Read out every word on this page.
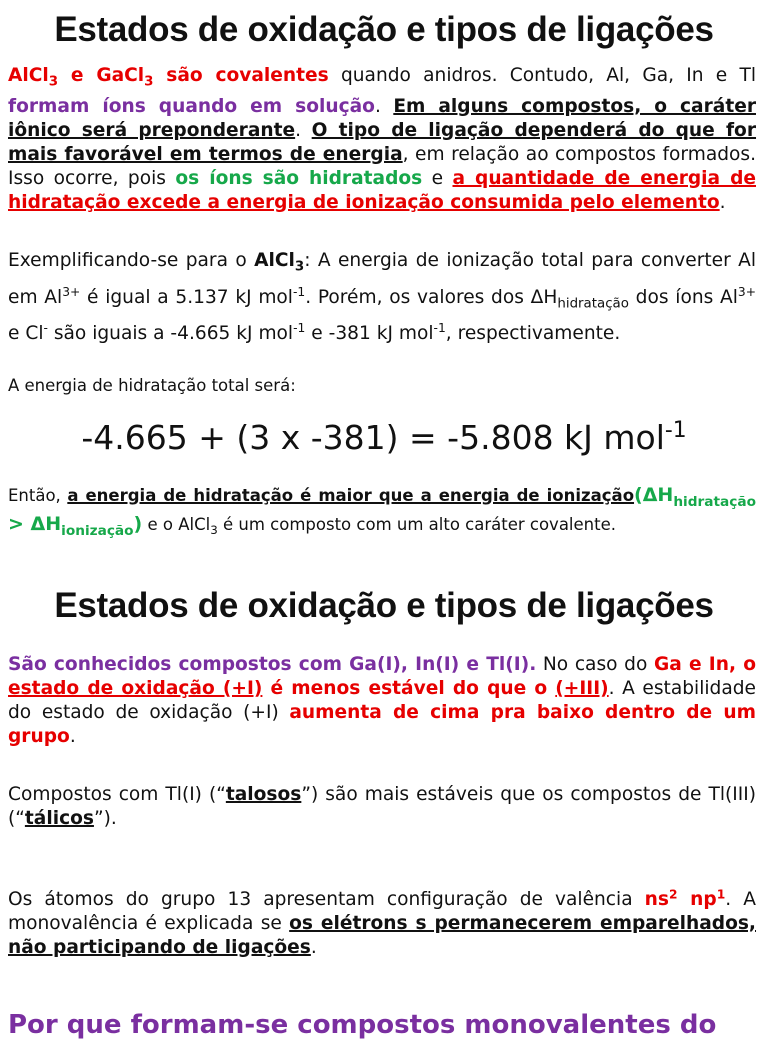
Estados de oxidação e tipos de ligações
AlCl$_3$ e GaCl$_3$ são covalentes quando anidros. Contudo, Al, Ga, In e Tl formam íons quando em solução. Em alguns compostos, o caráter iônico será preponderante. O tipo de ligação dependerá do que for mais favorável em termos de energia, em relação ao compostos formados. Isso ocorre, pois os íons são hidratados e a quantidade de energia de hidratação excede a energia de ionização consumida pelo elemento.
Exemplificando-se para o AlCl$_3$: A energia de ionização total para converter Al em $Al^{3+}$ é igual a 5.137 kJ mol$^{-1}$. Porém, os valores dos $\Delta H_{hidratação}$ dos íons $Al^{3+}$ e Cl- são iguais a -4.665 kJ mol$^{-1}$ e -381 kJ mol$^{-1}$, respectivamente.
A energia de hidratação total será:
-4.665 + (3 x -381) = -5.808 kJ mol$^{-1}$
Então, a energia de hidratação é maior que a energia de $ionização(\Delta H_{hidratação} > \Delta H_{ionização})$ e o AlCl$_3$ é um composto com um alto caráter covalente.
Estados de oxidação e tipos de ligações
São conhecidos compostos com Ga(I), In(I) e Tl(I). No caso do Ga e In, o estado de oxidação (+I) é menos estável do que o (+III). A estabilidade do estado de oxidação (+I) aumenta de cima pra baixo dentro de um grupo.
Compostos com Tl(I) (“talosos”) são mais estáveis que os compostos de Tl(III) (“tálicos”).
Os átomos do grupo 13 apresentam configuração de valência $ns^2$ $np^1$. A monovalência é explicada se os elétrons s permanecerem emparelhados, não participando de ligações.
Por que formam-se compostos monovalentes do
